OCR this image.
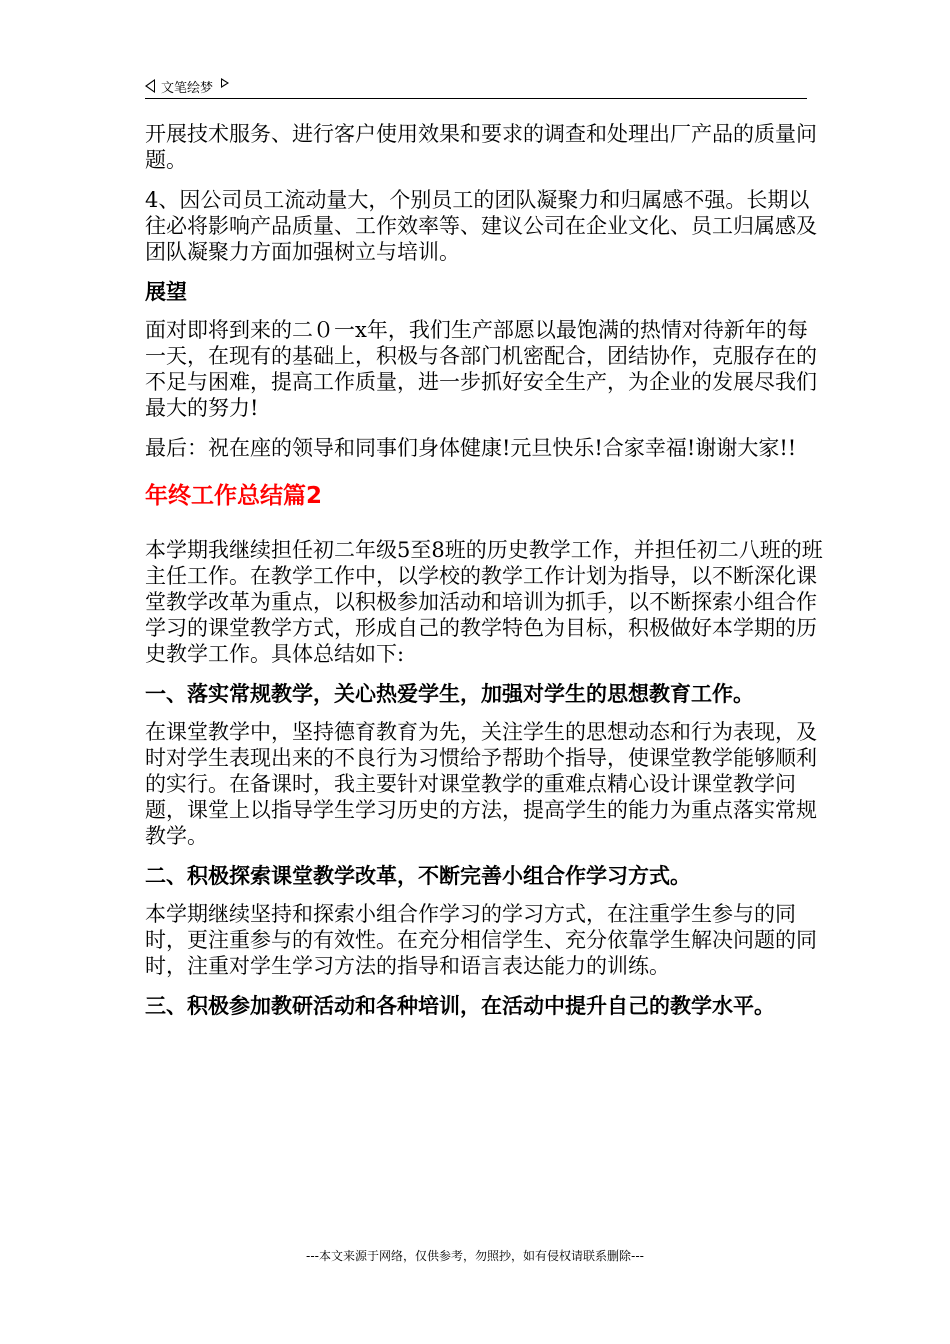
文笔绘梦

开展技术服务、进行客户使用效果和要求的调查和处理出厂产品的质量问题。

4、因公司员工流动量大，个别员工的团队凝聚力和归属感不强。长期以往必将影响产品质量、工作效率等、建议公司在企业文化、员工归属感及团队凝聚力方面加强树立与培训。

展望

面对即将到来的二０一x年，我们生产部愿以最饱满的热情对待新年的每一天，在现有的基础上，积极与各部门机密配合，团结协作，克服存在的不足与困难，提高工作质量，进一步抓好安全生产，为企业的发展尽我们最大的努力!

最后：祝在座的领导和同事们身体健康!元旦快乐!合家幸福!谢谢大家!!

年终工作总结篇2

本学期我继续担任初二年级5至8班的历史教学工作，并担任初二八班的班主任工作。在教学工作中，以学校的教学工作计划为指导，以不断深化课堂教学改革为重点，以积极参加活动和培训为抓手，以不断探索小组合作学习的课堂教学方式，形成自己的教学特色为目标，积极做好本学期的历史教学工作。具体总结如下:

一、落实常规教学，关心热爱学生，加强对学生的思想教育工作。

在课堂教学中，坚持德育教育为先，关注学生的思想动态和行为表现，及时对学生表现出来的不良行为习惯给予帮助个指导，使课堂教学能够顺利的实行。在备课时，我主要针对课堂教学的重难点精心设计课堂教学问题，课堂上以指导学生学习历史的方法，提高学生的能力为重点落实常规教学。

二、积极探索课堂教学改革，不断完善小组合作学习方式。

本学期继续坚持和探索小组合作学习的学习方式，在注重学生参与的同时，更注重参与的有效性。在充分相信学生、充分依靠学生解决问题的同时，注重对学生学习方法的指导和语言表达能力的训练。

三、积极参加教研活动和各种培训，在活动中提升自己的教学水平。
---本文来源于网络，仅供参考，勿照抄，如有侵权请联系删除---
